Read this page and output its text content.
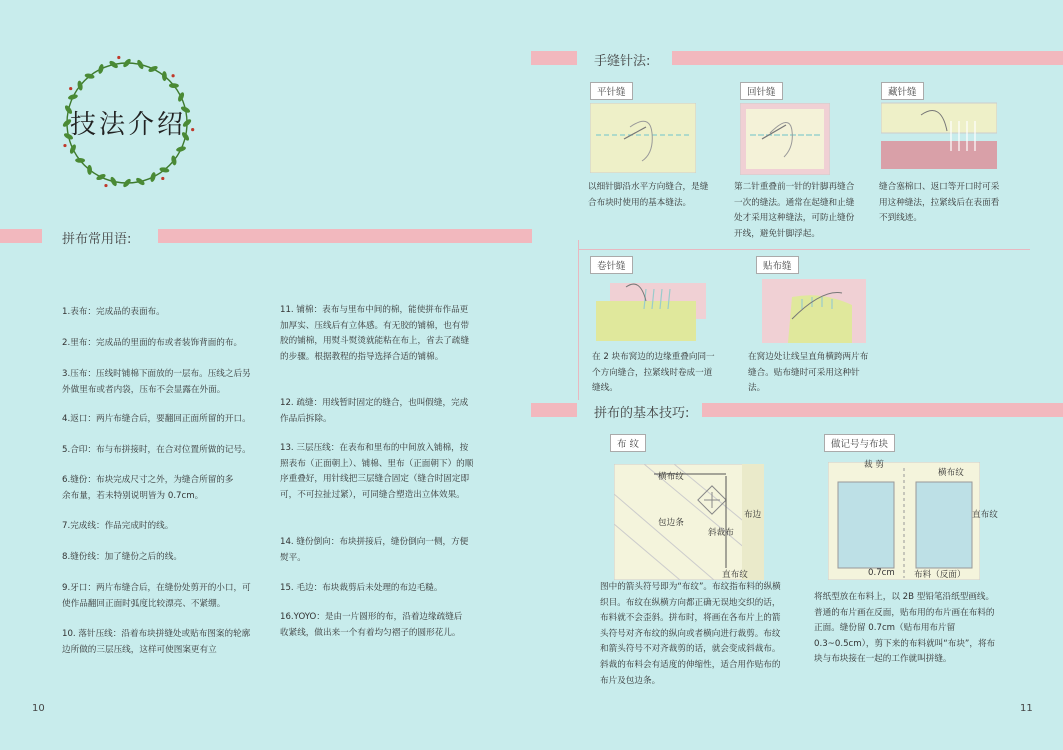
技法介绍
拼布常用语:
1.表布：完成品的表面布。
2.里布：完成品的里面的布或者装饰背面的布。
3.压布：压线时铺棉下面放的一层布。压线之后另外做里布或者内袋，压布不会显露在外面。
4.返口：两片布缝合后，要翻回正面所留的开口。
5.合印：布与布拼接时，在合对位置所做的记号。
6.缝份：布块完成尺寸之外，为缝合所留的多余布量，若未特别说明皆为 0.7cm。
7.完成线：作品完成时的线。
8.缝份线：加了缝份之后的线。
9.牙口：两片布缝合后，在缝份处剪开的小口，可使作品翻回正面时弧度比较漂亮、不紧绷。
10. 落针压线：沿着布块拼缝处或贴布图案的轮廓边所做的三层压线，这样可使图案更有立
11. 铺棉：表布与里布中间的棉，能使拼布作品更加厚实、压线后有立体感。有无胶的铺棉，也有带胶的铺棉，用熨斗熨烫就能粘在布上，省去了疏缝的步骤。根据教程的指导选择合适的铺棉。
12. 疏缝：用线暂时固定的缝合，也叫假缝，完成作品后拆除。
13. 三层压线：在表布和里布的中间放入铺棉，按照表布（正面朝上）、铺棉、里布（正面朝下）的顺序重叠好，用针线把三层缝合固定（缝合时固定即可，不可拉扯过紧），可同缝合塑造出立体效果。
14. 缝份倒向：布块拼接后，缝份倒向一侧，方便熨平。
15. 毛边：布块裁剪后未处理的布边毛糙。
16.YOYO：是由一片圆形的布，沿着边缘疏缝后收紧线，做出来一个有着均匀褶子的圆形花儿。
10
手缝针法:
平针缝
以细针脚沿水平方向缝合，是缝合布块时使用的基本缝法。
回针缝
第二针重叠前一针的针脚再缝合一次的缝法。通常在起缝和止缝处才采用这种缝法，可防止缝份开线，避免针脚浮起。
藏针缝
缝合塞棉口、返口等开口时可采用这种缝法，拉紧线后在表面看不到线迹。
卷针缝
在 2 块布窝边的边缘重叠向同一个方向缝合，拉紧线时卷成一道缝线。
贴布缝
在窝边处让线呈直角横跨两片布缝合。贴布缝时可采用这种针法。
拼布的基本技巧:
布 纹
横布纹
布边
包边条
斜裁布
直布纹
图中的箭头符号即为“布纹”。布纹指布料的纵横织目。布纹在纵横方向都正确无误地交织的话，布料就不会歪斜。拼布时，将画在各布片上的箭头符号对齐布纹的纵向或者横向进行裁剪。布纹和箭头符号不对齐裁剪的话，就会变成斜裁布。斜裁的布料会有适度的伸缩性，适合用作贴布的布片及包边条。
做记号与布块
裁 剪
横布纹
直布纹
0.7cm 布料（反面）
将纸型放在布料上，以 2B 型铅笔沿纸型画线。普通的布片画在反面，贴布用的布片画在布料的正面。缝份留 0.7cm（贴布用布片留 0.3~0.5cm），剪下来的布料就叫“布块”，将布块与布块接在一起的工作就叫拼缝。
11
